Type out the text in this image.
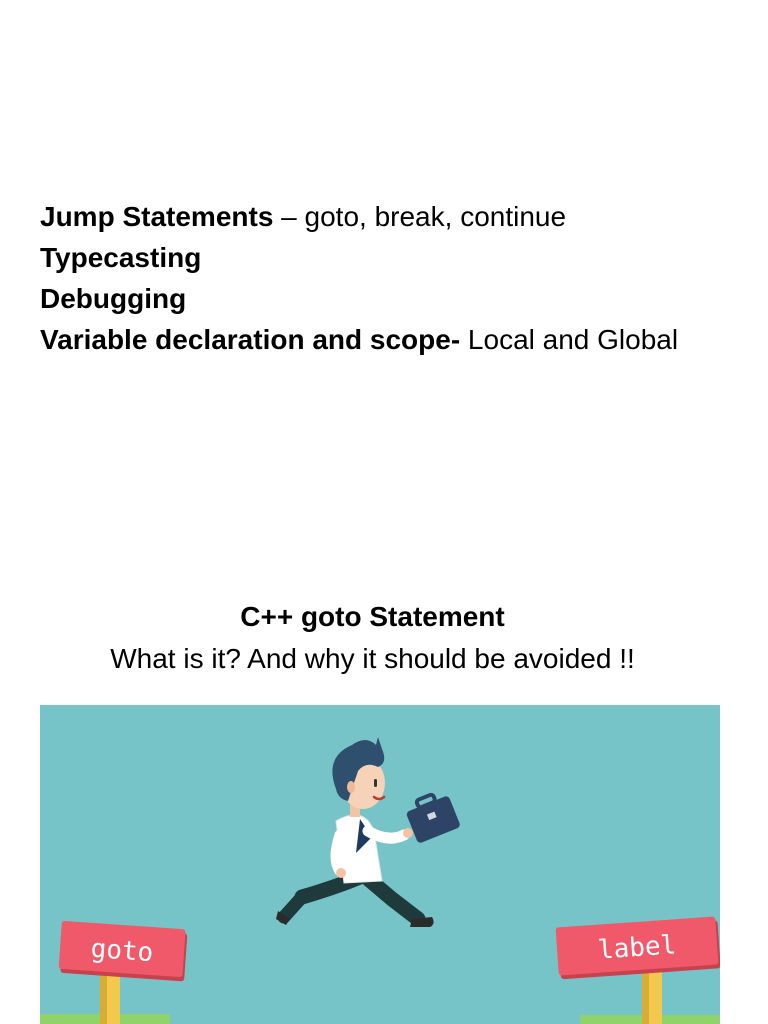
Jump Statements – goto, break, continue
Typecasting
Debugging
Variable declaration and scope- Local and Global
C++ goto Statement
What is it? And why it should be avoided !!
goto	label
